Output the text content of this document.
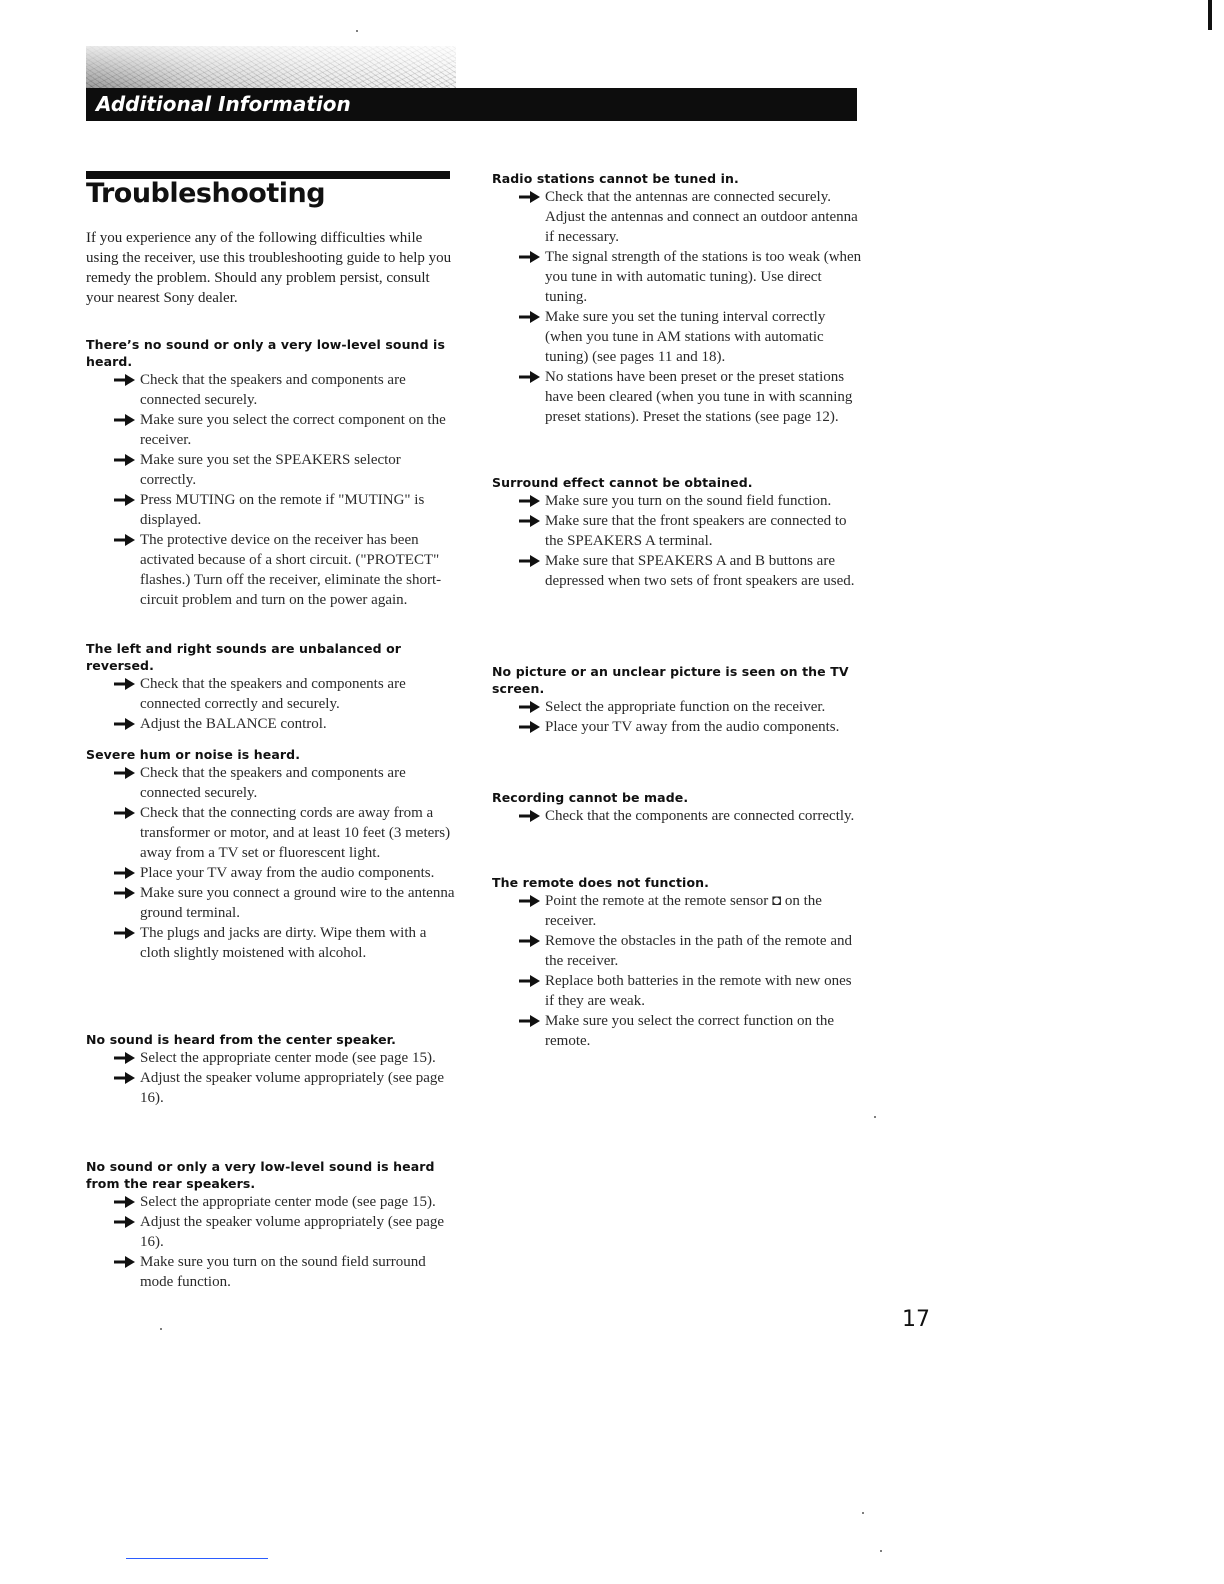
Additional Information
Troubleshooting
If you experience any of the following difficulties while using the receiver, use this troubleshooting guide to help you remedy the problem. Should any problem persist, consult your nearest Sony dealer.
There’s no sound or only a very low-level sound is heard.
Check that the speakers and components are connected securely.
Make sure you select the correct component on the receiver.
Make sure you set the SPEAKERS selector correctly.
Press MUTING on the remote if "MUTING" is displayed.
The protective device on the receiver has been activated because of a short circuit. ("PROTECT" flashes.) Turn off the receiver, eliminate the short-circuit problem and turn on the power again.
The left and right sounds are unbalanced or reversed.
Check that the speakers and components are connected correctly and securely.
Adjust the BALANCE control.
Severe hum or noise is heard.
Check that the speakers and components are connected securely.
Check that the connecting cords are away from a transformer or motor, and at least 10 feet (3 meters) away from a TV set or fluorescent light.
Place your TV away from the audio components.
Make sure you connect a ground wire to the antenna ground terminal.
The plugs and jacks are dirty. Wipe them with a cloth slightly moistened with alcohol.
No sound is heard from the center speaker.
Select the appropriate center mode (see page 15).
Adjust the speaker volume appropriately (see page 16).
No sound or only a very low-level sound is heard from the rear speakers.
Select the appropriate center mode (see page 15).
Adjust the speaker volume appropriately (see page 16).
Make sure you turn on the sound field surround mode function.
Radio stations cannot be tuned in.
Check that the antennas are connected securely. Adjust the antennas and connect an outdoor antenna if necessary.
The signal strength of the stations is too weak (when you tune in with automatic tuning). Use direct tuning.
Make sure you set the tuning interval correctly (when you tune in AM stations with automatic tuning) (see pages 11 and 18).
No stations have been preset or the preset stations have been cleared (when you tune in with scanning preset stations). Preset the stations (see page 12).
Surround effect cannot be obtained.
Make sure you turn on the sound field function.
Make sure that the front speakers are connected to the SPEAKERS A terminal.
Make sure that SPEAKERS A and B buttons are depressed when two sets of front speakers are used.
No picture or an unclear picture is seen on the TV screen.
Select the appropriate function on the receiver.
Place your TV away from the audio components.
Recording cannot be made.
Check that the components are connected correctly.
The remote does not function.
Point the remote at the remote sensor ◘ on the receiver.
Remove the obstacles in the path of the remote and the receiver.
Replace both batteries in the remote with new ones if they are weak.
Make sure you select the correct function on the remote.
17
